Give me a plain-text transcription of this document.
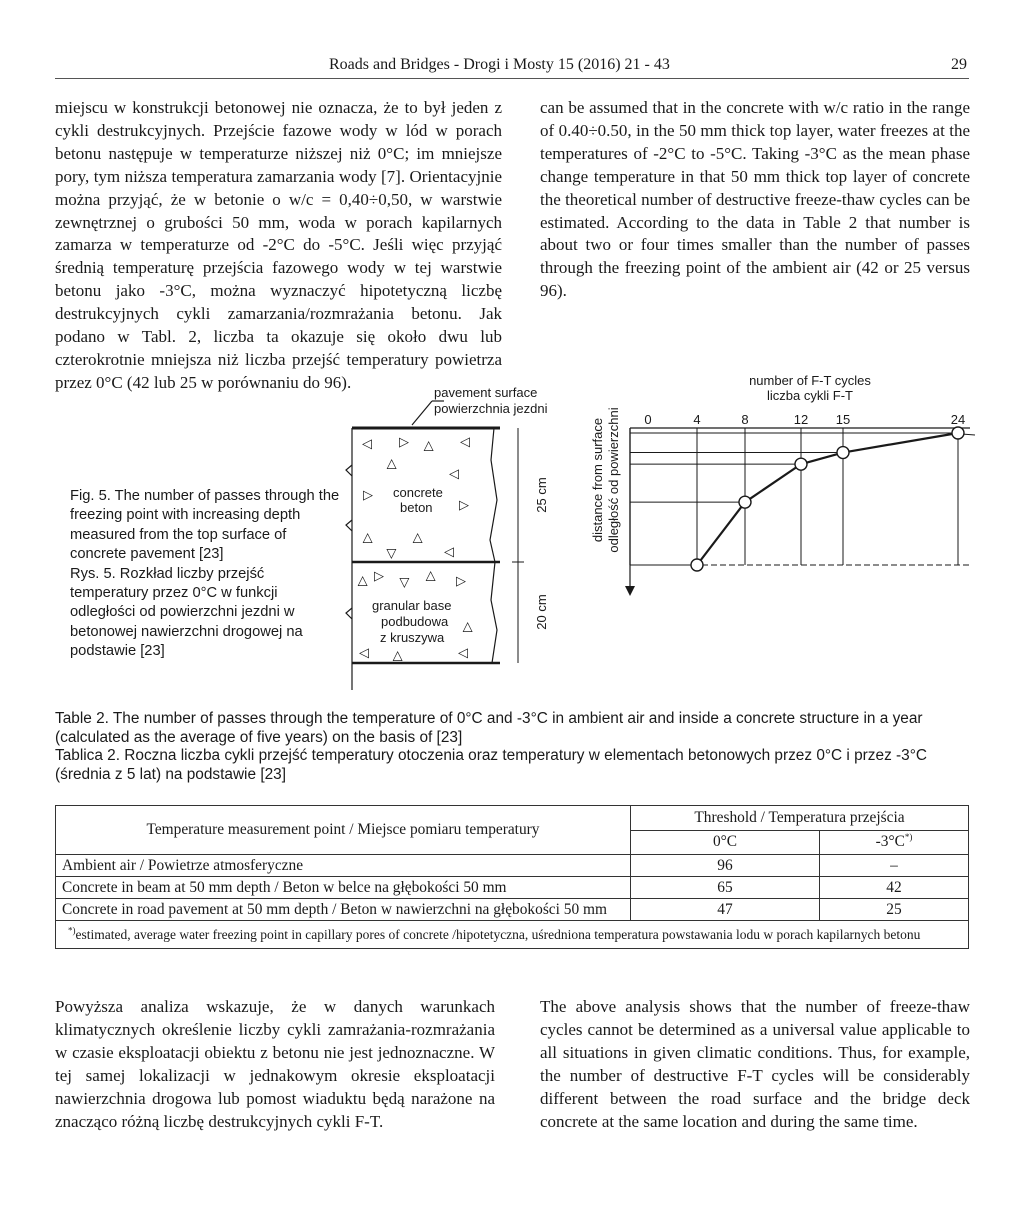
Roads and Bridges - Drogi i Mosty 15 (2016) 21 - 43	29

miejscu w konstrukcji betonowej nie oznacza, że to był jeden z cykli destrukcyjnych. Przejście fazowe wody w lód w porach betonu następuje w temperaturze niższej niż 0°C; im mniejsze pory, tym niższa temperatura zamarzania wody [7]. Orientacyjnie można przyjąć, że w betonie o w/c = 0,40÷0,50, w warstwie zewnętrznej o grubości 50 mm, woda w porach kapilarnych zamarza w temperaturze od -2°C do -5°C. Jeśli więc przyjąć średnią temperaturę przejścia fazowego wody w tej warstwie betonu jako -3°C, można wyznaczyć hipotetyczną liczbę destrukcyjnych cykli zamarzania/rozmrażania betonu. Jak podano w Tabl. 2, liczba ta okazuje się około dwu lub czterokrotnie mniejsza niż liczba przejść temperatury powietrza przez 0°C (42 lub 25 w porównaniu do 96).

can be assumed that in the concrete with w/c ratio in the range of 0.40÷0.50, in the 50 mm thick top layer, water freezes at the temperatures of -2°C to -5°C. Taking -3°C as the mean phase change temperature in that 50 mm thick top layer of concrete the theoretical number of destructive freeze-thaw cycles can be estimated. According to the data in Table 2 that number is about two or four times smaller than the number of passes through the freezing point of the ambient air (42 or 25 versus 96).

Fig. 5. The number of passes through the freezing point with increasing depth measured from the top surface of concrete pavement [23]
Rys. 5. Rozkład liczby przejść temperatury przez 0°C w funkcji odległości od powierzchni jezdni w betonowej nawierzchni drogowej na podstawie [23]
pavement surface
powierzchnia jezdni
concrete
beton
granular base
podbudowa
z kruszywa
▷ ▷ ▷ ▷
▷
▷
▷
▷
▷	▷
▷	▷
▷ ▷ ▷
▷ ▷
▷
▷ ▷	▷
25 cm
20 cm
number of F-T cycles
liczba cykli F-T
distance from surface odległość od powierzchni 0	4	8	12 15	24
Table 2. The number of passes through the temperature of 0°C and -3°C in ambient air and inside a concrete structure in a year (calculated as the average of five years) on the basis of [23]
Tablica 2. Roczna liczba cykli przejść temperatury otoczenia oraz temperatury w elementach betonowych przez 0°C i przez -3°C (średnia z 5 lat) na podstawie [23]
Temperature measurement point / Miejsce pomiaru temperatury	Threshold / Temperatura przejścia	
	0°C	-3°C*)
Ambient air / Powietrze atmosferyczne	96	–
Concrete in beam at 50 mm depth / Beton w belce na głębokości 50 mm	65	42
Concrete in road pavement at 50 mm depth / Beton w nawierzchni na głębokości 50 mm	47	25
*)estimated, average water freezing point in capillary pores of concrete /hipotetyczna, uśredniona temperatura powstawania lodu w porach kapilarnych betonu		

Powyższa analiza wskazuje, że w danych warunkach klimatycznych określenie liczby cykli zamrażania-rozmrażania w czasie eksploatacji obiektu z betonu nie jest jednoznaczne. W tej samej lokalizacji w jednakowym okresie eksploatacji nawierzchnia drogowa lub pomost wiaduktu będą narażone na znacząco różną liczbę destrukcyjnych cykli F-T.

The above analysis shows that the number of freeze-thaw cycles cannot be determined as a universal value applicable to all situations in given climatic conditions. Thus, for example, the number of destructive F-T cycles will be considerably different between the road surface and the bridge deck concrete at the same location and during the same time.
